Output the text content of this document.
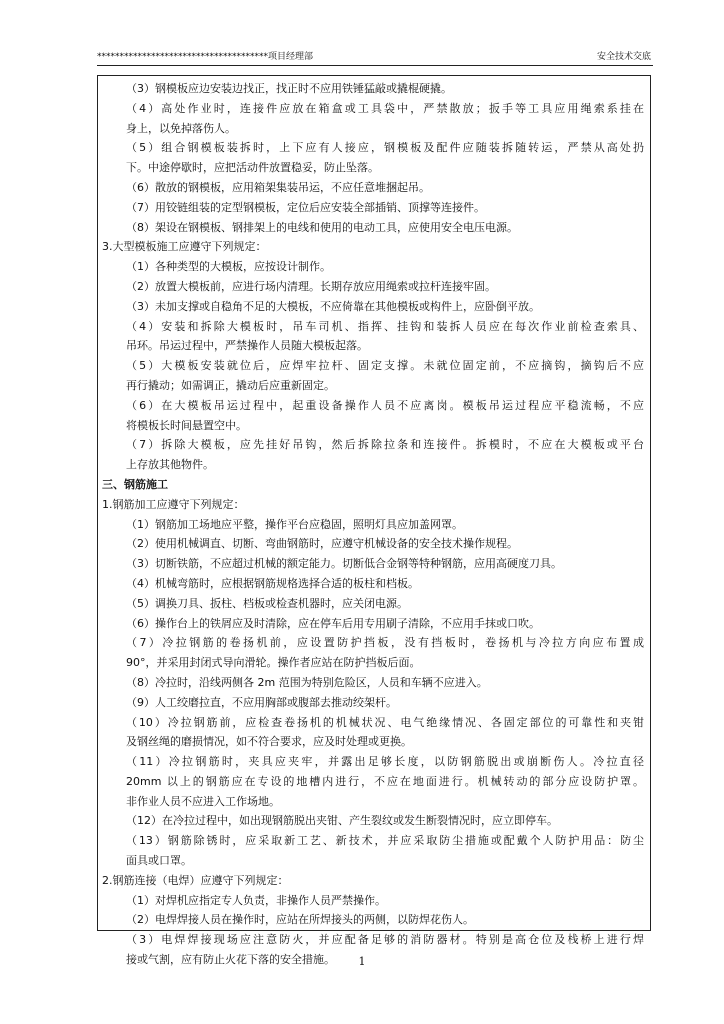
**************************************项目经理部	安全技术交底
（3）钢模板应边安装边找正，找正时不应用铁锤猛敲或撬棍硬撬。
（4）高处作业时，连接件应放在箱盒或工具袋中，严禁散放；扳手等工具应用绳索系挂在
身上，以免掉落伤人。
（5）组合钢模板装拆时，上下应有人接应，钢模板及配件应随装拆随转运，严禁从高处扔
下。中途停歇时，应把活动件放置稳妥，防止坠落。
（6）散放的钢模板，应用箱架集装吊运，不应任意堆捆起吊。
（7）用铰链组装的定型钢模板，定位后应安装全部插销、顶撑等连接件。
（8）架设在钢模板、钢排架上的电线和使用的电动工具，应使用安全电压电源。
3.大型模板施工应遵守下列规定：
（1）各种类型的大模板，应按设计制作。
（2）放置大模板前，应进行场内清理。长期存放应用绳索或拉杆连接牢固。
（3）未加支撑或自稳角不足的大模板，不应倚靠在其他模板或构件上，应卧倒平放。
（4）安装和拆除大模板时，吊车司机、指挥、挂钩和装拆人员应在每次作业前检查索具、
吊环。吊运过程中，严禁操作人员随大模板起落。
（5）大模板安装就位后，应焊牢拉杆、固定支撑。未就位固定前，不应摘钩，摘钩后不应
再行撬动；如需调正，撬动后应重新固定。
（6）在大模板吊运过程中，起重设备操作人员不应离岗。模板吊运过程应平稳流畅，不应
将模板长时间悬置空中。
（7）拆除大模板，应先挂好吊钩，然后拆除拉条和连接件。拆模时，不应在大模板或平台
上存放其他物件。
三、钢筋施工
1.钢筋加工应遵守下列规定：
（1）钢筋加工场地应平整，操作平台应稳固，照明灯具应加盖网罩。
（2）使用机械调直、切断、弯曲钢筋时，应遵守机械设备的安全技术操作规程。
（3）切断铁筋，不应超过机械的额定能力。切断低合金钢等特种钢筋，应用高硬度刀具。
（4）机械弯筋时，应根据钢筋规格选择合适的板柱和档板。
（5）调换刀具、扳柱、档板或检查机器时，应关闭电源。
（6）操作台上的铁屑应及时清除，应在停车后用专用刷子清除，不应用手抹或口吹。
（7）冷拉钢筋的卷扬机前，应设置防护挡板，没有挡板时，卷扬机与冷拉方向应布置成
90°，并采用封闭式导向滑轮。操作者应站在防护挡板后面。
（8）冷拉时，沿线两侧各 2m 范围为特别危险区，人员和车辆不应进入。
（9）人工绞磨拉直，不应用胸部或腹部去推动绞架杆。
（10）冷拉钢筋前，应检查卷扬机的机械状况、电气绝缘情况、各固定部位的可靠性和夹钳
及钢丝绳的磨损情况，如不符合要求，应及时处理或更换。
（11）冷拉钢筋时，夹具应夹牢，并露出足够长度，以防钢筋脱出或崩断伤人。冷拉直径
20mm 以上的钢筋应在专设的地槽内进行，不应在地面进行。机械转动的部分应设防护罩。
非作业人员不应进入工作场地。
（12）在冷拉过程中，如出现钢筋脱出夹钳、产生裂纹或发生断裂情况时，应立即停车。
（13）钢筋除锈时，应采取新工艺、新技术，并应采取防尘措施或配戴个人防护用品：防尘
面具或口罩。
2.钢筋连接（电焊）应遵守下列规定：
（1）对焊机应指定专人负责，非操作人员严禁操作。
（2）电焊焊接人员在操作时，应站在所焊接头的两侧，以防焊花伤人。
（3）电焊焊接现场应注意防火，并应配备足够的消防器材。特别是高仓位及栈桥上进行焊
接或气割，应有防止火花下落的安全措施。	1
